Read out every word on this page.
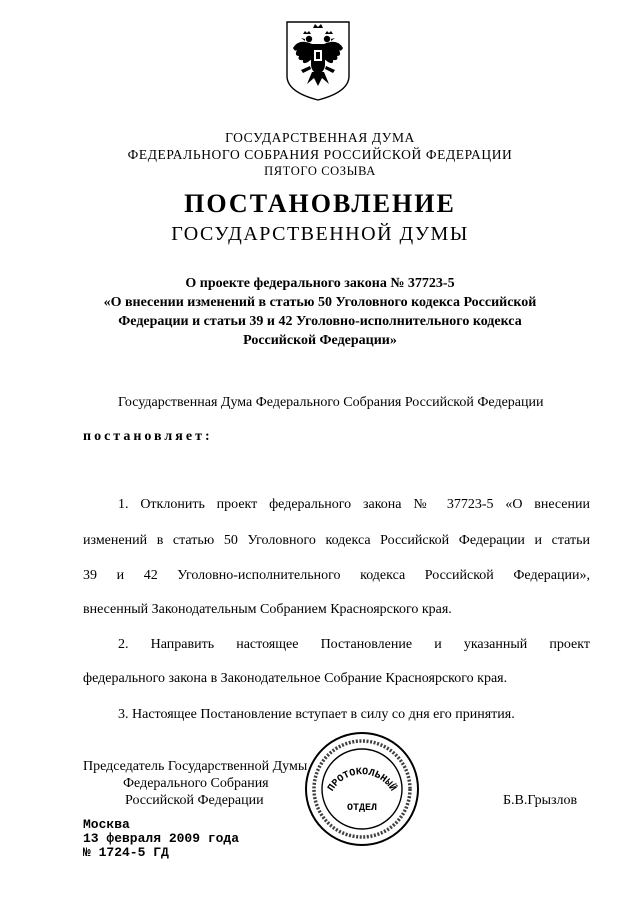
ГОСУДАРСТВЕННАЯ ДУМА
ФЕДЕРАЛЬНОГО СОБРАНИЯ РОССИЙСКОЙ ФЕДЕРАЦИИ
ПЯТОГО СОЗЫВА
ПОСТАНОВЛЕНИЕ
ГОСУДАРСТВЕННОЙ ДУМЫ
О проекте федерального закона № 37723-5
«О внесении изменений в статью 50 Уголовного кодекса Российской
Федерации и статьи 39 и 42 Уголовно-исполнительного кодекса
Российской Федерации»
Государственная Дума Федерального Собрания Российской Федерации
постановляет:
1. Отклонить проект федерального закона № 37723-5 «О внесении
изменений в статью 50 Уголовного кодекса Российской Федерации и статьи
39 и 42 Уголовно-исполнительного кодекса Российской Федерации»,
внесенный Законодательным Собранием Красноярского края.
2. Направить настоящее Постановление и указанный проект
федерального закона в Законодательное Собрание Красноярского края.
3. Настоящее Постановление вступает в силу со дня его принятия.
Председатель Государственной Думы
Федерального Собрания
Российской Федерации
ПРОТОКОЛЬНЫЙ
ОТДЕЛ
Б.В.Грызлов
Москва
13 февраля 2009 года
№ 1724-5 ГД
